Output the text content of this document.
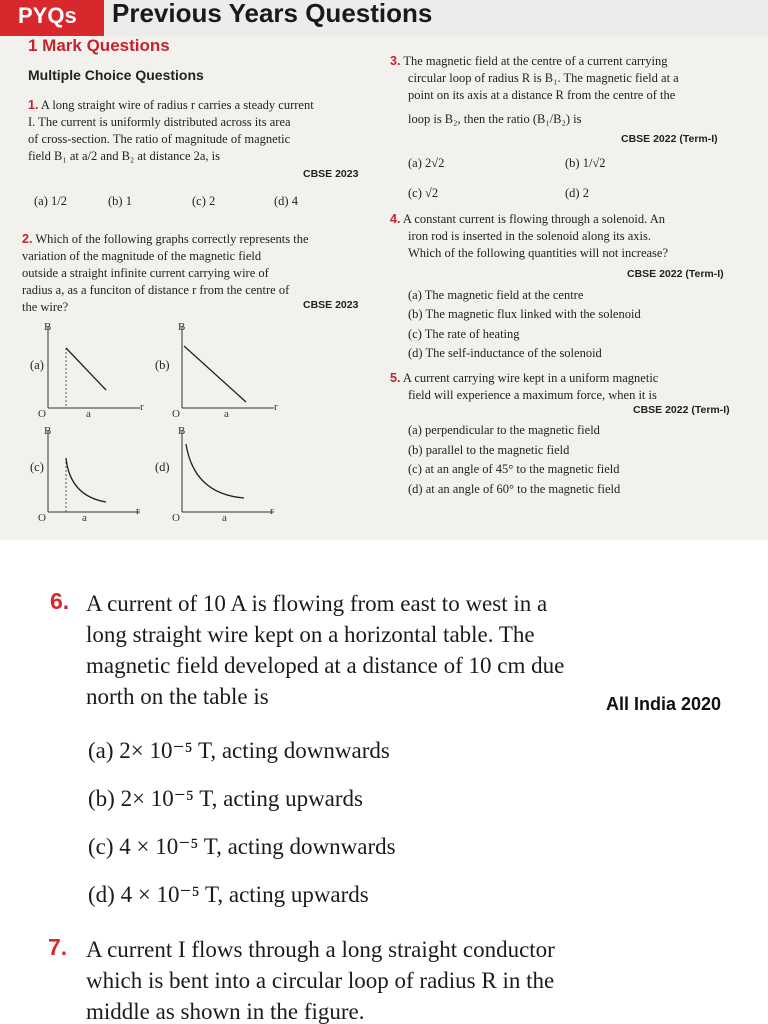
PYQs	Previous Years Questions
1 Mark Questions
Multiple Choice Questions
1. A long straight wire of radius r carries a steady current
I. The current is uniformly distributed across its area
of cross-section. The ratio of magnitude of magnetic
field B₁ at a/2 and B₂ at distance 2a, is
CBSE 2023
(a) 1/2	(b) 1	(c) 2	(d) 4
2. Which of the following graphs correctly represents the
variation of the magnitude of the magnetic field
outside a straight infinite current carrying wire of
radius a, as a funciton of distance r from the centre of
the wire?	CBSE 2023
(a)	(b)
(c)	(d)
B
r
O	a
B
r
O	a
B
r
O	a
B
r
O	a
3. The magnetic field at the centre of a current carrying
circular loop of radius R is B₁. The magnetic field at a
point on its axis at a distance R from the centre of the
loop is B₂, then the ratio (B₁/B₂) is
CBSE 2022 (Term-I)
(a) 2√2	(b) 1/√2
(c) √2	(d) 2
4. A constant current is flowing through a solenoid. An
iron rod is inserted in the solenoid along its axis.
Which of the following quantities will not increase?
CBSE 2022 (Term-I)
(a) The magnetic field at the centre
(b) The magnetic flux linked with the solenoid
(c) The rate of heating
(d) The self-inductance of the solenoid
5. A current carrying wire kept in a uniform magnetic
field will experience a maximum force, when it is
CBSE 2022 (Term-I)
(a) perpendicular to the magnetic field
(b) parallel to the magnetic field
(c) at an angle of 45° to the magnetic field
(d) at an angle of 60° to the magnetic field
6. A current of 10 A is flowing from east to west in a
long straight wire kept on a horizontal table. The
magnetic field developed at a distance of 10 cm due
north on the table is	All India 2020
(a) 2× 10⁻⁵ T, acting downwards
(b) 2× 10⁻⁵ T, acting upwards
(c) 4 × 10⁻⁵ T, acting downwards
(d) 4 × 10⁻⁵ T, acting upwards
7. A current I flows through a long straight conductor
which is bent into a circular loop of radius R in the
middle as shown in the figure.
